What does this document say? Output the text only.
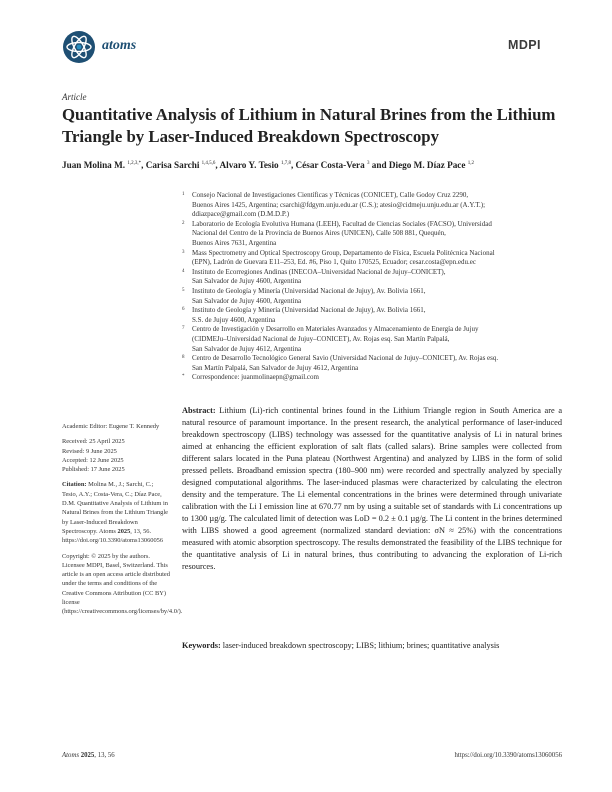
atoms	MDPI
Article
Quantitative Analysis of Lithium in Natural Brines from the Lithium Triangle by Laser-Induced Breakdown Spectroscopy
Juan Molina M. $^{1,2,3,*}$, Carisa Sarchi $^{1,4,5,6}$, Alvaro Y. Tesio $^{1,7,8}$, César Costa-Vera $^3$ and Diego M. Díaz Pace $^{1,2}$
1 Consejo Nacional de Investigaciones Científicas y Técnicas (CONICET), Calle Godoy Cruz 2290,
Buenos Aires 1425, Argentina; csarchi@fdgym.unju.edu.ar (C.S.); atesio@cidmeju.unju.edu.ar (A.Y.T.);
ddiazpace@gmail.com (D.M.D.P.)
2 Laboratorio de Ecología Evolutiva Humana (LEEH), Facultad de Ciencias Sociales (FACSO), Universidad
Nacional del Centro de la Provincia de Buenos Aires (UNICEN), Calle 508 881, Quequén,
Buenos Aires 7631, Argentina
3 Mass Spectrometry and Optical Spectroscopy Group, Departamento de Física, Escuela Politécnica Nacional
(EPN), Ladrón de Guevara E11–253, Ed. #6, Piso 1, Quito 170525, Ecuador; cesar.costa@epn.edu.ec
4 Instituto de Ecorregiones Andinas (INECOA–Universidad Nacional de Jujuy–CONICET),
San Salvador de Jujuy 4600, Argentina
5 Instituto de Geología y Minería (Universidad Nacional de Jujuy), Av. Bolivia 1661,
San Salvador de Jujuy 4600, Argentina
6 Instituto de Geología y Minería (Universidad Nacional de Jujuy), Av. Bolivia 1661,
S.S. de Jujuy 4600, Argentina
7 Centro de Investigación y Desarrollo en Materiales Avanzados y Almacenamiento de Energía de Jujuy
(CIDMEJu–Universidad Nacional de Jujuy–CONICET), Av. Rojas esq. San Martín Palpalá,
San Salvador de Jujuy 4612, Argentina
8 Centro de Desarrollo Tecnológico General Savio (Universidad Nacional de Jujuy–CONICET), Av. Rojas esq.
San Martín Palpalá, San Salvador de Jujuy 4612, Argentina
* Correspondence: juanmolinaepn@gmail.com

Academic Editor: Eugene T. Kennedy

Received: 25 April 2025

Revised: 9 June 2025

Accepted: 12 June 2025

Published: 17 June 2025

Citation: Molina M., J.; Sarchi, C.; Tesio, A.Y.; Costa-Vera, C.; Díaz Pace, D.M. Quantitative Analysis of Lithium in Natural Brines from the Lithium Triangle by Laser-Induced Breakdown Spectroscopy. Atoms 2025, 13, 56. https://doi.org/10.3390/atoms13060056

Copyright: © 2025 by the authors. Licensee MDPI, Basel, Switzerland. This article is an open access article distributed under the terms and conditions of the Creative Commons Attribution (CC BY) license (https://creativecommons.org/licenses/by/4.0/).

Abstract: Lithium (Li)-rich continental brines found in the Lithium Triangle region in South America are a natural resource of paramount importance. In the present research, the analytical performance of laser-induced breakdown spectroscopy (LIBS) technology was assessed for the quantitative analysis of Li in natural brines aimed at enhancing the efficient exploration of salt flats (called salars). Brine samples were collected from different salars located in the Puna plateau (Northwest Argentina) and analyzed by LIBS in the form of solid pressed pellets. Broadband emission spectra (180–900 nm) were recorded and spectrally analyzed by specially designed computational algorithms. The laser-induced plasmas were characterized by calculating the electron density and the temperature. The Li elemental concentrations in the brines were determined through univariate calibration with the Li I emission line at 670.77 nm by using a suitable set of standards with Li concentrations up to 1300 µg/g. The calculated limit of detection was LoD = 0.2 ± 0.1 µg/g. The Li content in the brines determined with LIBS showed a good agreement (normalized standard deviation: σN ≈ 25%) with the concentrations measured with atomic absorption spectroscopy. The results demonstrated the feasibility of the LIBS technique for the quantitative analysis of Li in natural brines, thus contributing to advancing the exploration of Li-rich resources.
Keywords: laser-induced breakdown spectroscopy; LIBS; lithium; brines; quantitative analysis
Atoms 2025, 13, 56	https://doi.org/10.3390/atoms13060056
